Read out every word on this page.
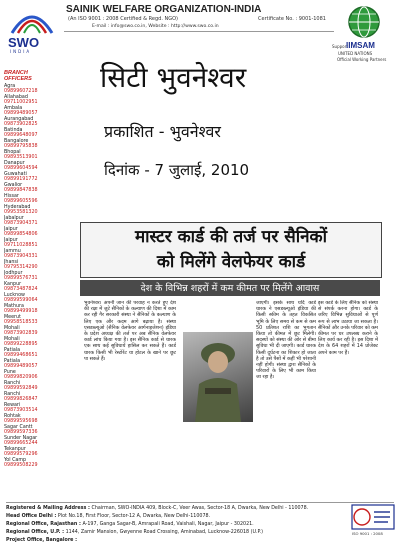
SWO
INDIA
SAINIK WELFARE ORGANIZATION-INDIA
(An ISO 9001 : 2008 Certified & Regd. NGO)	Certificate No. : 9001-1081
E-mail : info@swo.co.in, Website : http://www.swo.co.in
Support
IIMSAM
UNITED NATIONS
Official Working Partners
BRANCH OFFICERS
Agra
09899607218
Allahabad
09711002951
Ambala
09899489057
Aurangabad
09873902825
Batinda
09899648097
Bangalore
09899795838
Bhopal
09893513901
Danapur
09899604594
Guwahati
09899191772
Gwalior
09899847838
Hissar
09899605596
Hyderabad
09953581320
Jabalpur
09873904371
Jaipur
09899854806
Jaipur
09711028851
Jammu
09873904331
Jhansi
09795314290
Jodhpur
09899576731
Kanpur
09873487824
Lucknow
09899599064
Mathura
09899499918
Meerut
09958518533
Mohali
09873902839
Mohali
09899228895
Patiala
09899468651
Patiala
09899489057
Pune
09899820906
Ranchi
09899592849
Ranchi
09899826847
Rewari
09873903514
Rohtak
09899595698
Sagar Cantt
09899597336
Sunder Nagar
09899665244
Tekanpur
09899579296
Yol Camp
09899508229
सिटी भुवनेश्वर
प्रकाशित - भुवनेश्वर
दिनांक - 7 जुलाई, 2010
मास्टर कार्ड की तर्ज पर सैनिकों
को मिलेंगे वेलफेयर कार्ड
देश के विभिन्न शहरों में कम कीमत पर मिलेंगे आवास
भुवनेश्वर। अपनी जान की परवाह न करते हुए देश की रक्षा में जुटे सैनिकों के कल्याण की दिशा में काम कर रही गैर सरकारी संस्था ने सैनिकों के कल्याण के लिए एक और कदम आगे बढ़ाया है। संस्था एसडब्ल्यूओ (सैनिक वेलफेयर आर्गनाइजेशन) इंडिया के प्रदेश अध्यक्ष की तर्ज पर अब सैनिक वेलफेयर कार्ड लांच किया गया है। इस सैनिक कार्ड से धारक एक साथ कई सुविधायें हासिल कर सकते हैं। कार्ड धारक किसी भी रेस्टोरेंट या होटल के खाने पर छूट पा सकते हैं।
जाएगी। इसके साथ यदि कार्ड धारक ने एसडब्ल्यूओ इंडिया की किसी स्कीम के तहत विकसित भूमि के लिए समय से कम से कम 50 प्रतिशत राशि का भुगतान किया तो कीमत में छूट मिलेगी। सदस्यों को संस्था की ओर से बीमा सुविधा भी दी जाएगी। कार्ड धारक किसी दुर्घटना का शिकार हो जाता है तो उसे पैसों में कहीं भी परेशानी नहीं होगी। संस्था द्वारा सैनिकों के परिवारों के लिए भी काम किया जा रहा है।
इस कार्ड के लिए सैनिक को संस्था से संपर्क करना होगा। कार्ड के जरिए विभिन्न सुविधाओं से पूर्ण रूप से लाभ उठाया जा सकता है। सैनिकों और उनके परिवार को कम कीमत पर घर उपलब्ध कराने के लिए कार्य कर रही है। इस दिशा में देश के 64 शहरों में 14 प्रोजेक्ट अपने काम पर हैं।
Registered & Mailing Address : Chairman, SWO-INDIA 409, Block-C, Veer Awas, Sector-18 A, Dwarka, New Delhi - 110078.
Head Office Delhi : Plot No.18, First Floor, Sector-12 A, Dwarka, New Delhi-110078.
Regional Office, Rajasthan : A-197, Ganga Sagar-B, Amrapali Road, Vaishali, Nagar, Jaipur - 302021.
Regional Office, U.P. : 1144, Zamir Mansion, Gwyenne Road Crossing, Aminabad, Lucknow-226018 (U.P.)
Project Office, Bangalore :
ISO 9001 : 2008
